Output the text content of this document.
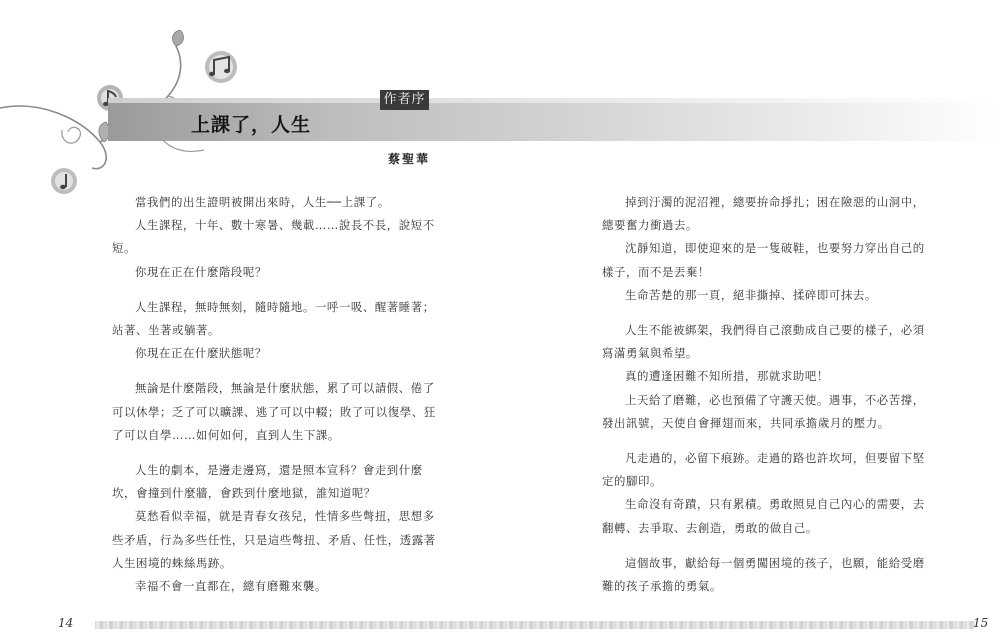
作者序
上課了，人生
蔡聖華

當我們的出生證明被開出來時，人生──上課了。

人生課程，十年、數十寒暑、幾載……說長不長，說短不短。

你現在正在什麼階段呢？

人生課程，無時無刻，隨時隨地。一呼一吸、醒著睡著；站著、坐著或躺著。

你現在正在什麼狀態呢？

無論是什麼階段，無論是什麼狀態，累了可以請假、倦了可以休學；乏了可以曠課、逃了可以中輟；敗了可以復學、狂了可以自學……如何如何，直到人生下課。

人生的劇本，是邊走邊寫，還是照本宣科？會走到什麼坎，會撞到什麼牆，會跌到什麼地獄，誰知道呢？

莫愁看似幸福，就是青春女孩兒，性情多些彆扭，思想多些矛盾，行為多些任性，只是這些彆扭、矛盾、任性，透露著人生困境的蛛絲馬跡。

幸福不會一直都在，總有磨難來襲。

掉到汙濁的泥沼裡，總要拚命掙扎；困在險惡的山洞中，總要奮力衝過去。

沈靜知道，即使迎來的是一隻破鞋，也要努力穿出自己的樣子，而不是丟棄！

生命苦楚的那一頁，絕非撕掉、揉碎即可抹去。

人生不能被綁架，我們得自己滾動成自己要的樣子，必須寫滿勇氣與希望。

真的遭逢困難不知所措，那就求助吧！

上天給了磨難，必也預備了守護天使。遇事，不必苦撐，發出訊號，天使自會揮翅而來，共同承擔歲月的壓力。

凡走過的，必留下痕跡。走過的路也許坎坷，但要留下堅定的腳印。

生命沒有奇蹟，只有累積。勇敢照見自己內心的需要，去翻轉、去爭取、去創造，勇敢的做自己。

這個故事，獻給每一個勇闖困境的孩子，也願，能給受磨難的孩子承擔的勇氣。

14	15
